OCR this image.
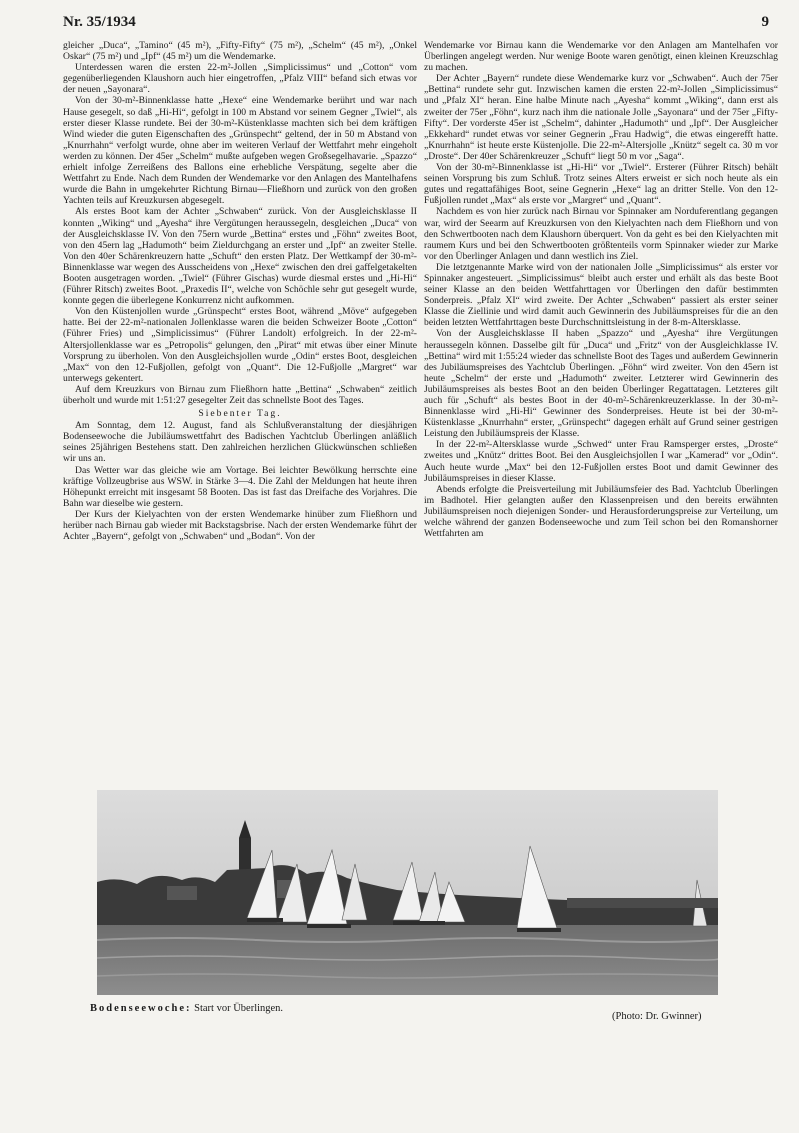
Nr. 35/1934	9

gleicher „Duca“, „Tamino“ (45 m²), „Fifty-Fifty“ (75 m²), „Schelm“ (45 m²), „Onkel Oskar“ (75 m²) und „Ipf“ (45 m²) um die Wendemarke.

Unterdessen waren die ersten 22-m²-Jollen „Simplicissimus“ und „Cotton“ vom gegenüberliegenden Klaushorn auch hier eingetroffen, „Pfalz VIII“ befand sich etwas vor der neuen „Sayonara“.

Von der 30-m²-Binnenklasse hatte „Hexe“ eine Wendemarke berührt und war nach Hause gesegelt, so daß „Hi-Hi“, gefolgt in 100 m Abstand vor seinem Gegner „Twiel“, als erster dieser Klasse rundete. Bei der 30-m²-Küstenklasse machten sich bei dem kräftigen Wind wieder die guten Eigenschaften des „Grünspecht“ geltend, der in 50 m Abstand von „Knurrhahn“ verfolgt wurde, ohne aber im weiteren Verlauf der Wettfahrt mehr eingeholt werden zu können. Der 45er „Schelm“ mußte aufgeben wegen Großsegelhavarie. „Spazzo“ erhielt infolge Zerreißens des Ballons eine erhebliche Verspätung, segelte aber die Wettfahrt zu Ende. Nach dem Runden der Wendemarke vor den Anlagen des Mantelhafens wurde die Bahn in umgekehrter Richtung Birnau—Fließhorn und zurück von den großen Yachten teils auf Kreuzkursen abgesegelt.

Als erstes Boot kam der Achter „Schwaben“ zurück. Von der Ausgleichsklasse II konnten „Wiking“ und „Ayesha“ ihre Vergütungen heraussegeln, desgleichen „Duca“ von der Ausgleichsklasse IV. Von den 75ern wurde „Bettina“ erstes und „Föhn“ zweites Boot, von den 45ern lag „Hadumoth“ beim Zieldurchgang an erster und „Ipf“ an zweiter Stelle. Von den 40er Schärenkreuzern hatte „Schuft“ den ersten Platz. Der Wettkampf der 30-m²-Binnenklasse war wegen des Ausscheidens von „Hexe“ zwischen den drei gaffelgetakelten Booten ausgetragen worden. „Twiel“ (Führer Gischas) wurde diesmal erstes und „Hi-Hi“ (Führer Ritsch) zweites Boot. „Praxedis II“, welche von Schöchle sehr gut gesegelt wurde, konnte gegen die überlegene Konkurrenz nicht aufkommen.

Von den Küstenjollen wurde „Grünspecht“ erstes Boot, während „Möve“ aufgegeben hatte. Bei der 22-m²-nationalen Jollenklasse waren die beiden Schweizer Boote „Cotton“ (Führer Fries) und „Simplicissimus“ (Führer Landolt) erfolgreich. In der 22-m²-Altersjollenklasse war es „Petropolis“ gelungen, den „Pirat“ mit etwas über einer Minute Vorsprung zu überholen. Von den Ausgleichsjollen wurde „Odin“ erstes Boot, desgleichen „Max“ von den 12-Fußjollen, gefolgt von „Quant“. Die 12-Fußjolle „Margret“ war unterwegs gekentert.

Auf dem Kreuzkurs von Birnau zum Fließhorn hatte „Bettina“ „Schwaben“ zeitlich überholt und wurde mit 1:51:27 gesegelter Zeit das schnellste Boot des Tages.

Siebenter Tag.

Am Sonntag, dem 12. August, fand als Schlußveranstaltung der diesjährigen Bodenseewoche die Jubiläumswettfahrt des Badischen Yachtclub Überlingen anläßlich seines 25jährigen Bestehens statt. Den zahlreichen herzlichen Glückwünschen schließen wir uns an.

Das Wetter war das gleiche wie am Vortage. Bei leichter Bewölkung herrschte eine kräftige Vollzeugbrise aus WSW. in Stärke 3—4. Die Zahl der Meldungen hat heute ihren Höhepunkt erreicht mit insgesamt 58 Booten. Das ist fast das Dreifache des Vorjahres. Die Bahn war dieselbe wie gestern.

Der Kurs der Kielyachten von der ersten Wendemarke hinüber zum Fließhorn und herüber nach Birnau gab wieder mit Backstagsbrise. Nach der ersten Wendemarke führt der Achter „Bayern“, gefolgt von „Schwaben“ und „Bodan“. Von der

Wendemarke vor Birnau kann die Wendemarke vor den Anlagen am Mantelhafen vor Überlingen angelegt werden. Nur wenige Boote waren genötigt, einen kleinen Kreuzschlag zu machen.

Der Achter „Bayern“ rundete diese Wendemarke kurz vor „Schwaben“. Auch der 75er „Bettina“ rundete sehr gut. Inzwischen kamen die ersten 22-m²-Jollen „Simplicissimus“ und „Pfalz XI“ heran. Eine halbe Minute nach „Ayesha“ kommt „Wiking“, dann erst als zweiter der 75er „Föhn“, kurz nach ihm die nationale Jolle „Sayonara“ und der 75er „Fifty-Fifty“. Der vorderste 45er ist „Schelm“, dahinter „Hadumoth“ und „Ipf“. Der Ausgleicher „Ekkehard“ rundet etwas vor seiner Gegnerin „Frau Hadwig“, die etwas eingerefft hatte. „Knurrhahn“ ist heute erste Küstenjolle. Die 22-m²-Altersjolle „Knütz“ segelt ca. 30 m vor „Droste“. Der 40er Schärenkreuzer „Schuft“ liegt 50 m vor „Saga“.

Von der 30-m²-Binnenklasse ist „Hi-Hi“ vor „Twiel“. Ersterer (Führer Ritsch) behält seinen Vorsprung bis zum Schluß. Trotz seines Alters erweist er sich noch heute als ein gutes und regattafähiges Boot, seine Gegnerin „Hexe“ lag an dritter Stelle. Von den 12-Fußjollen rundet „Max“ als erste vor „Margret“ und „Quant“.

Nachdem es von hier zurück nach Birnau vor Spinnaker am Norduferentlang gegangen war, wird der Seearm auf Kreuzkursen von den Kielyachten nach dem Fließhorn und von den Schwertbooten nach dem Klaushorn überquert. Von da geht es bei den Kielyachten mit raumem Kurs und bei den Schwertbooten größtenteils vorm Spinnaker wieder zur Marke vor den Überlinger Anlagen und dann westlich ins Ziel.

Die letztgenannte Marke wird von der nationalen Jolle „Simplicissimus“ als erster vor Spinnaker angesteuert. „Simplicissimus“ bleibt auch erster und erhält als das beste Boot seiner Klasse an den beiden Wettfahrttagen vor Überlingen den dafür bestimmten Sonderpreis. „Pfalz XI“ wird zweite. Der Achter „Schwaben“ passiert als erster seiner Klasse die Ziellinie und wird damit auch Gewinnerin des Jubiläumspreises für die an den beiden letzten Wettfahrttagen beste Durchschnittsleistung in der 8-m-Altersklasse.

Von der Ausgleichsklasse II haben „Spazzo“ und „Ayesha“ ihre Vergütungen heraussegeln können. Dasselbe gilt für „Duca“ und „Fritz“ von der Ausgleichklasse IV. „Bettina“ wird mit 1:55:24 wieder das schnellste Boot des Tages und außerdem Gewinnerin des Jubiläumspreises des Yachtclub Überlingen. „Föhn“ wird zweiter. Von den 45ern ist heute „Schelm“ der erste und „Hadumoth“ zweiter. Letzterer wird Gewinnerin des Jubiläumspreises als bestes Boot an den beiden Überlinger Regattatagen. Letzteres gilt auch für „Schuft“ als bestes Boot in der 40-m²-Schärenkreuzerklasse. In der 30-m²-Binnenklasse wird „Hi-Hi“ Gewinner des Sonderpreises. Heute ist bei der 30-m²-Küstenklasse „Knurrhahn“ erster, „Grünspecht“ dagegen erhält auf Grund seiner gestrigen Leistung den Jubiläumspreis der Klasse.

In der 22-m²-Altersklasse wurde „Schwed“ unter Frau Ramsperger erstes, „Droste“ zweites und „Knütz“ drittes Boot. Bei den Ausgleichsjollen I war „Kamerad“ vor „Odin“. Auch heute wurde „Max“ bei den 12-Fußjollen erstes Boot und damit Gewinner des Jubiläumspreises in dieser Klasse.

Abends erfolgte die Preisverteilung mit Jubiläumsfeier des Bad. Yachtclub Überlingen im Badhotel. Hier gelangten außer den Klassenpreisen und den bereits erwähnten Jubiläumspreisen noch diejenigen Sonder- und Herausforderungspreise zur Verteilung, um welche während der ganzen Bodenseewoche und zum Teil schon bei den Romanshorner Wettfahrten am

Bodenseewoche: Start vor Überlingen.
(Photo: Dr. Gwinner)
